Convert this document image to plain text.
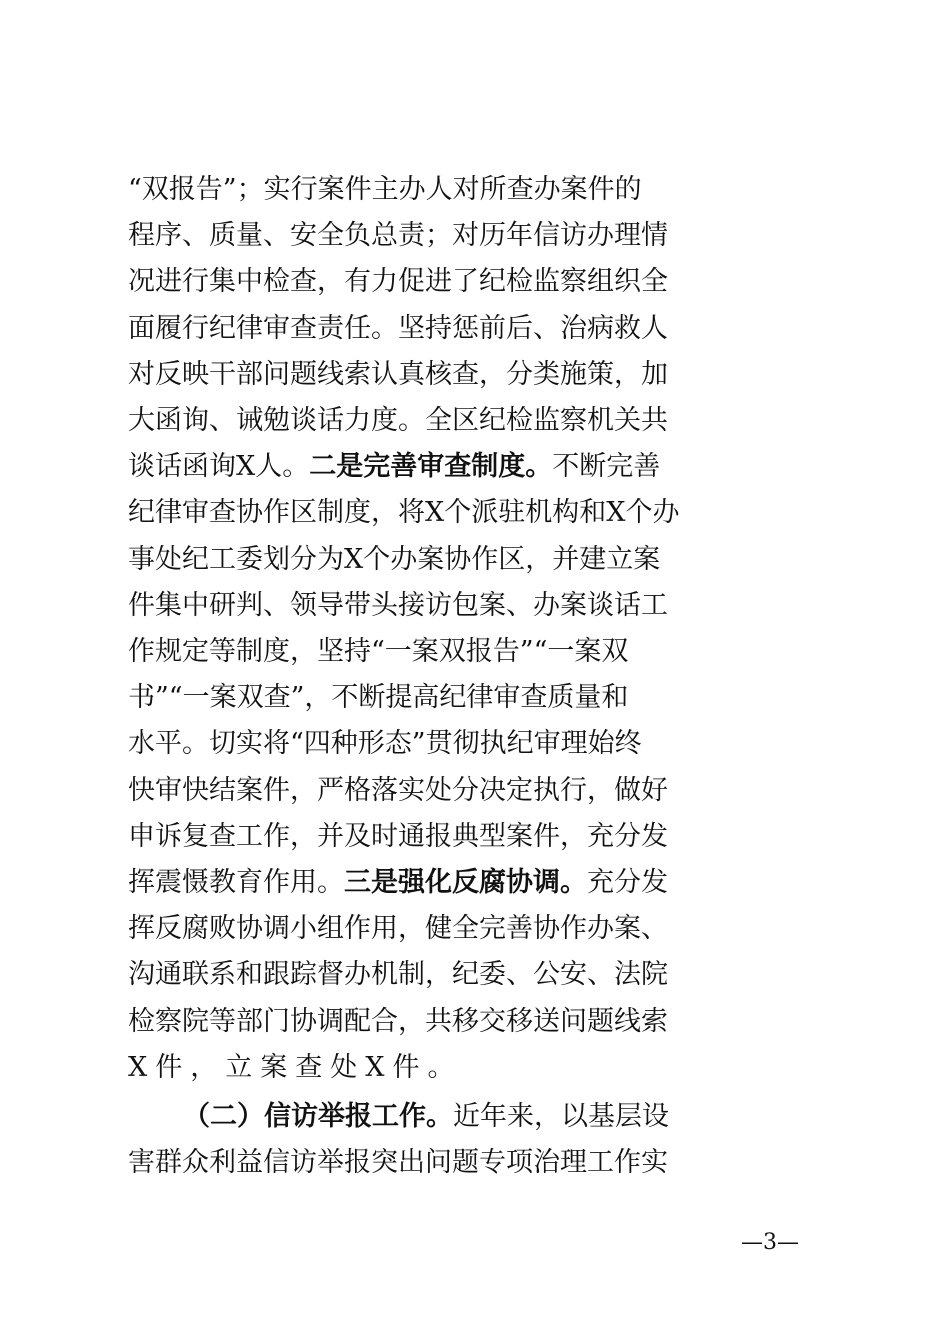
“双报告”；实行案件主办人对所查办案件的
程序、质量、安全负总责；对历年信访办理情
况进行集中检查，有力促进了纪检监察组织全
面履行纪律审查责任。坚持惩前后、治病救人
对反映干部问题线索认真核查，分类施策，加
大函询、诫勉谈话力度。全区纪检监察机关共
谈话函询X人。二是完善审查制度。不断完善
纪律审查协作区制度，将X个派驻机构和X个办
事处纪工委划分为X个办案协作区，并建立案
件集中研判、领导带头接访包案、办案谈话工
作规定等制度，坚持“一案双报告”“一案双
书”“一案双查”，不断提高纪律审查质量和
水平。切实将“四种形态”贯彻执纪审理始终
快审快结案件，严格落实处分决定执行，做好
申诉复查工作，并及时通报典型案件，充分发
挥震慑教育作用。三是强化反腐协调。充分发
挥反腐败协调小组作用，健全完善协作办案、
沟通联系和跟踪督办机制，纪委、公安、法院
检察院等部门协调配合，共移交移送问题线索
X件，立案查处X件。
（二）信访举报工作。近年来，以基层设
害群众利益信访举报突出问题专项治理工作实
—3—
